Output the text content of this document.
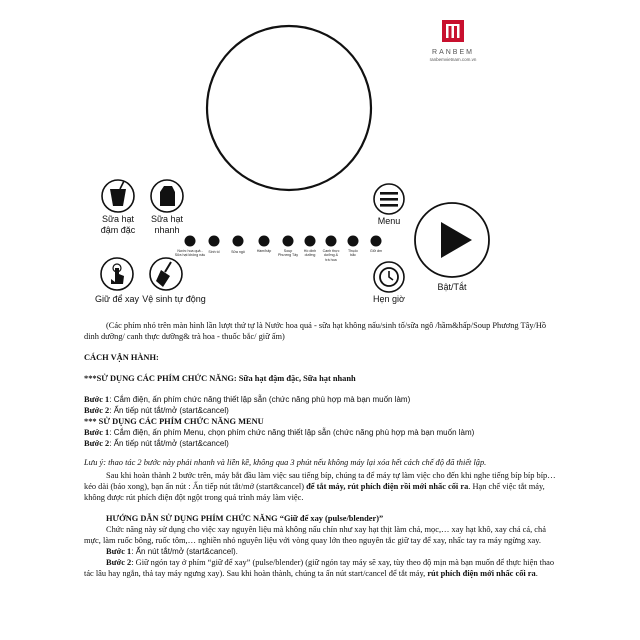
RANBEM
ranbemvietnam.com.vn
Sữa hạt
đậm đặc
Sữa hạt
nhanh
Menu
Giữ để xay Vệ sinh tự động	Hẹn giờ
Bật/Tắt
Nước hoa quả -
Sữa hạt không nấu
Sinh tố	Sữa ngô	Hầm/hấp	Soup
Phương Tây
Hồ dinh
dưỡng
Canh thực
dưỡng &
trà hoa
Thuốc
bắc
Giữ ấm

(Các phím nhỏ trên màn hình lần lượt thứ tự là Nước hoa quả - sữa hạt không nấu/sinh tố/sữa ngô /hầm&hấp/Soup Phương Tây/Hồ dinh dưỡng/ canh thực dưỡng& trà hoa - thuốc bắc/ giữ ấm)

CÁCH VẬN HÀNH:

***SỬ DỤNG CÁC PHÍM CHỨC NĂNG: Sữa hạt đậm đặc, Sữa hạt nhanh

Bước 1: Cắm điện, ấn phím chức năng thiết lập sẵn (chức năng phù hợp mà bạn muốn làm)

Bước 2: Ấn tiếp nút tắt/mở (start&cancel)

*** SỬ DỤNG CÁC PHÍM CHỨC NĂNG MENU

Bước 1: Cắm điện, ấn phím Menu, chọn phím chức năng thiết lập sẵn (chức năng phù hợp mà bạn muốn làm)

Bước 2: Ấn tiếp nút tắt/mở (start&cancel)

Lưu ý: thao tác 2 bước này phải nhanh và liền kề, không qua 3 phút nếu không máy lại xóa hết cách chế độ đã thiết lập.

Sau khi hoàn thành 2 bước trên, máy bắt đầu làm việc sau tiếng bíp, chúng ta để máy tự làm việc cho đến khi nghe tiếng bíp bíp bíp… kéo dài (báo xong), bạn ấn nút : Ấn tiếp nút tắt/mở (start&cancel) để tắt máy, rút phích điện rồi mới nhấc cối ra. Hạn chế việc tắt máy, không được rút phích điện đột ngột trong quá trình máy làm việc.

HƯỚNG DẪN SỬ DỤNG PHÍM CHỨC NĂNG “Giữ để xay (pulse/blender)”

Chức năng này sử dụng cho việc xay nguyên liệu mà không nấu chín như xay hạt thịt làm chả, mọc,… xay hạt khô, xay chả cá, chả mực, làm ruốc bông, ruốc tôm,… nghiền nhỏ nguyên liệu với vòng quay lớn theo nguyên tắc giữ tay để xay, nhấc tay ra máy ngừng xay.

Bước 1: Ấn nút tắt/mở (start&cancel).

Bước 2: Giữ ngón tay ở phím “giữ để xay” (pulse/blender) (giữ ngón tay máy sẽ xay, tùy theo độ mịn mà bạn muốn để thực hiện thao tác lâu hay ngắn, thả tay máy ngưng xay). Sau khi hoàn thành, chúng ta ấn nút start/cancel để tắt máy, rút phích điện mới nhấc cối ra.
